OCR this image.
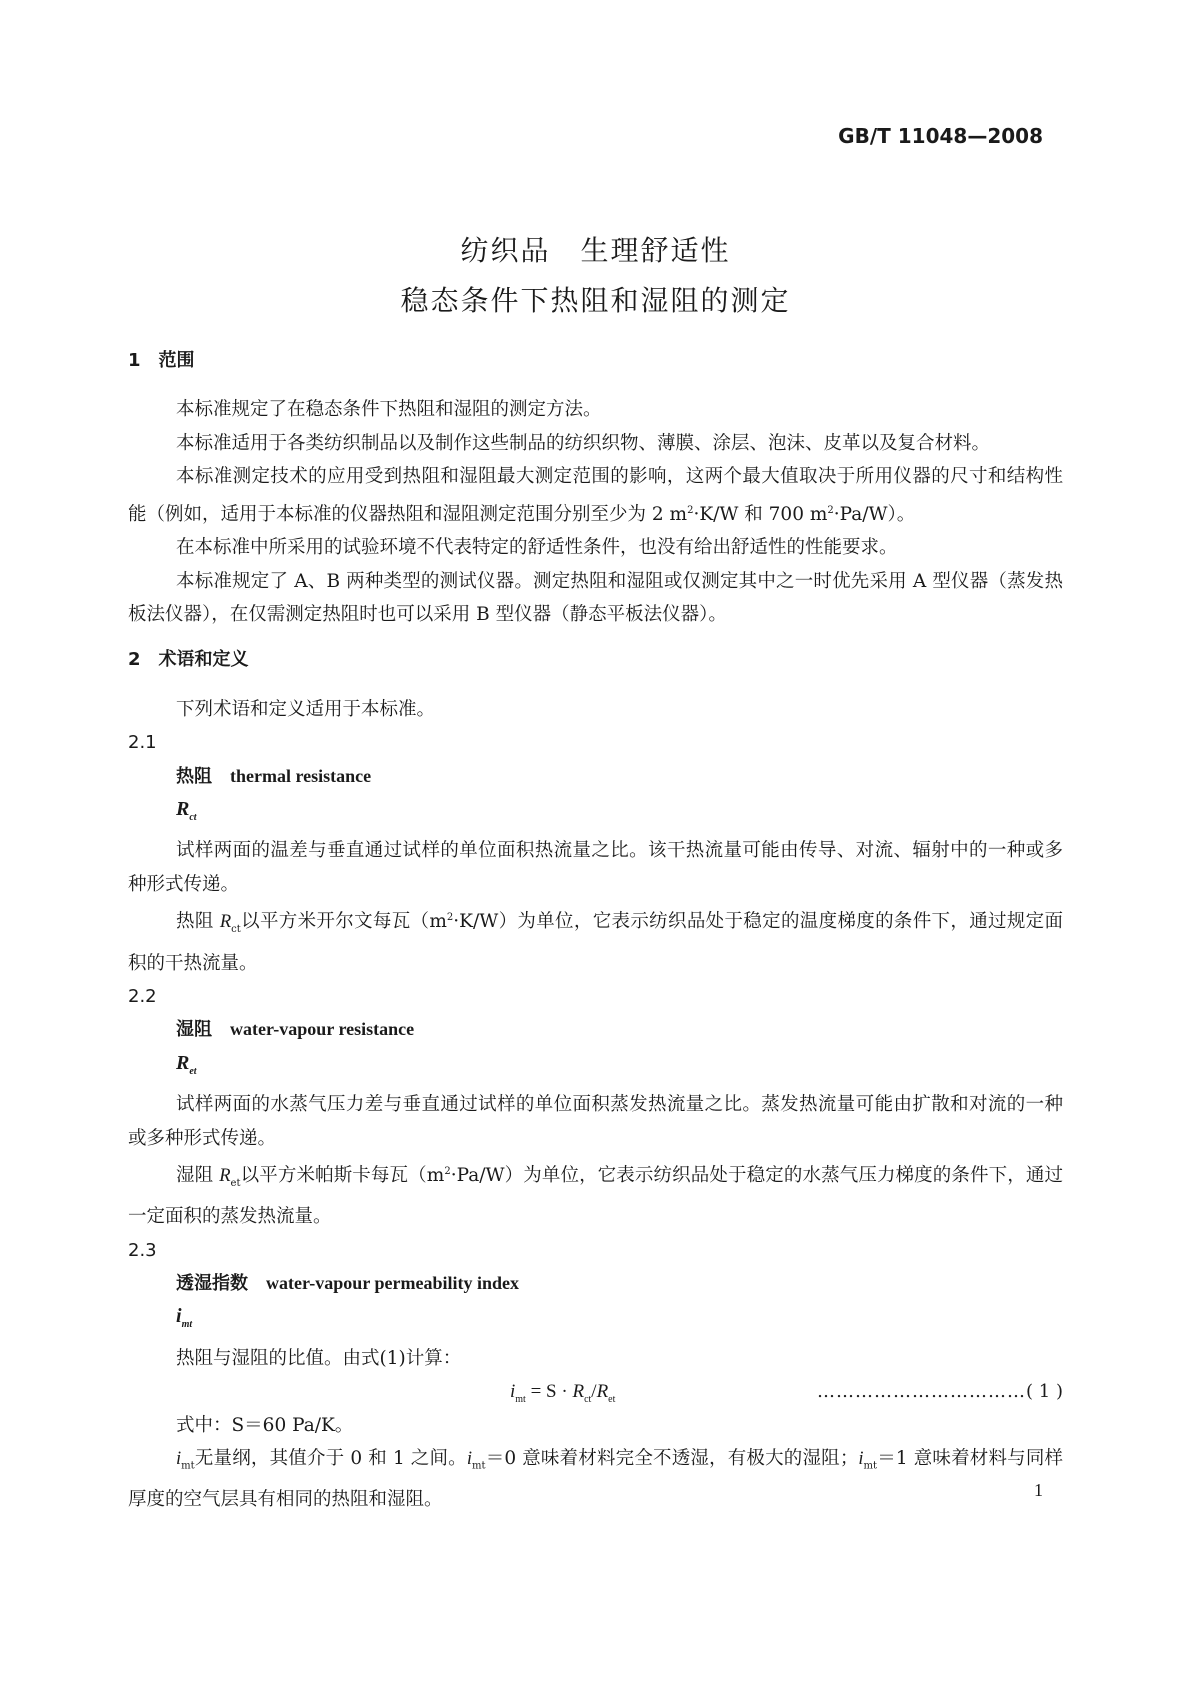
GB/T 11048—2008
纺织品　生理舒适性
稳态条件下热阻和湿阻的测定
1　范围
本标准规定了在稳态条件下热阻和湿阻的测定方法。
本标准适用于各类纺织制品以及制作这些制品的纺织织物、薄膜、涂层、泡沫、皮革以及复合材料。
本标准测定技术的应用受到热阻和湿阻最大测定范围的影响，这两个最大值取决于所用仪器的尺寸和结构性能（例如，适用于本标准的仪器热阻和湿阻测定范围分别至少为 2 $m^2\cdot K/W$ 和 700 $m^2\cdot Pa/W$）。
在本标准中所采用的试验环境不代表特定的舒适性条件，也没有给出舒适性的性能要求。
本标准规定了 A、B 两种类型的测试仪器。测定热阻和湿阻或仅测定其中之一时优先采用 A 型仪器（蒸发热板法仪器），在仅需测定热阻时也可以采用 B 型仪器（静态平板法仪器）。
2　术语和定义
下列术语和定义适用于本标准。
2.1
热阻　thermal resistance
$R_{ct}$
试样两面的温差与垂直通过试样的单位面积热流量之比。该干热流量可能由传导、对流、辐射中的一种或多种形式传递。
热阻 $R_{ct}$以平方米开尔文每瓦$(m^2\cdot K/W)$为单位，它表示纺织品处于稳定的温度梯度的条件下，通过规定面积的干热流量。
2.2
湿阻　water-vapour resistance
$R_{et}$
试样两面的水蒸气压力差与垂直通过试样的单位面积蒸发热流量之比。蒸发热流量可能由扩散和对流的一种或多种形式传递。
湿阻 $R_{et}$以平方米帕斯卡每瓦$(m^2\cdot Pa/W)$为单位，它表示纺织品处于稳定的水蒸气压力梯度的条件下，通过一定面积的蒸发热流量。
2.3
透湿指数　water-vapour permeability index
$i_{mt}$
热阻与湿阻的比值。由式(1)计算：
$i_{mt} = S \cdot R_{ct}/R_{et}$	……………………………( 1 )
式中：S＝60 Pa/K。
$i_{mt}$无量纲，其值介于 0 和 1 之间。$i_{mt}=0$ 意味着材料完全不透湿，有极大的湿阻；$i_{mt}=1$ 意味着材料与同样厚度的空气层具有相同的热阻和湿阻。	1
